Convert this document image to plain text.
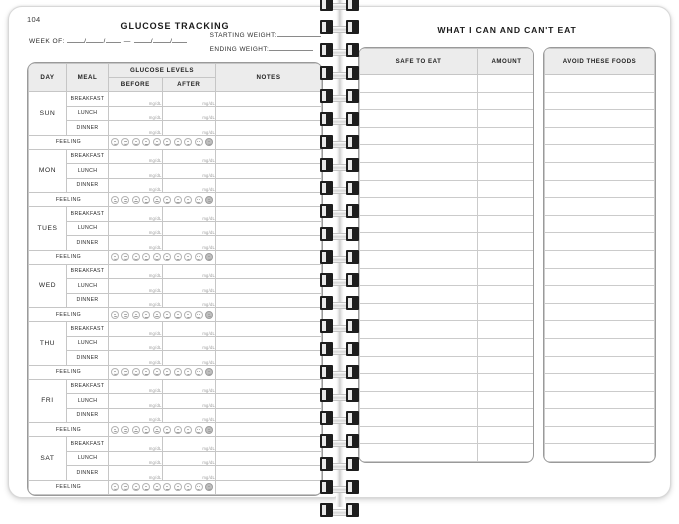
104
GLUCOSE TRACKING
WEEK OF:	/	/	—	/	/
STARTING WEIGHT:
ENDING WEIGHT:
DAY	MEAL	GLUCOSE LEVELS		NOTES
		BEFORE	AFTER	
SUN	BREAKFAST	mg/dL	mg/dL	
	LUNCH	mg/dL	mg/dL	
	DINNER	mg/dL	mg/dL	
FEELING			

MON	BREAKFAST	mg/dL	mg/dL	
	LUNCH	mg/dL	mg/dL	
	DINNER	mg/dL	mg/dL	
FEELING			

TUES	BREAKFAST	mg/dL	mg/dL	
	LUNCH	mg/dL	mg/dL	
	DINNER	mg/dL	mg/dL	
FEELING			

WED	BREAKFAST	mg/dL	mg/dL	
	LUNCH	mg/dL	mg/dL	
	DINNER	mg/dL	mg/dL	
FEELING			

THU	BREAKFAST	mg/dL	mg/dL	
	LUNCH	mg/dL	mg/dL	
	DINNER	mg/dL	mg/dL	
FEELING			

FRI	BREAKFAST	mg/dL	mg/dL	
	LUNCH	mg/dL	mg/dL	
	DINNER	mg/dL	mg/dL	
FEELING			

SAT	BREAKFAST	mg/dL	mg/dL	
	LUNCH	mg/dL	mg/dL	
	DINNER	mg/dL	mg/dL	
FEELING			

WHAT I CAN AND CAN'T EAT
SAFE TO EAT	AMOUNT

		AVOID THESE FOODS
